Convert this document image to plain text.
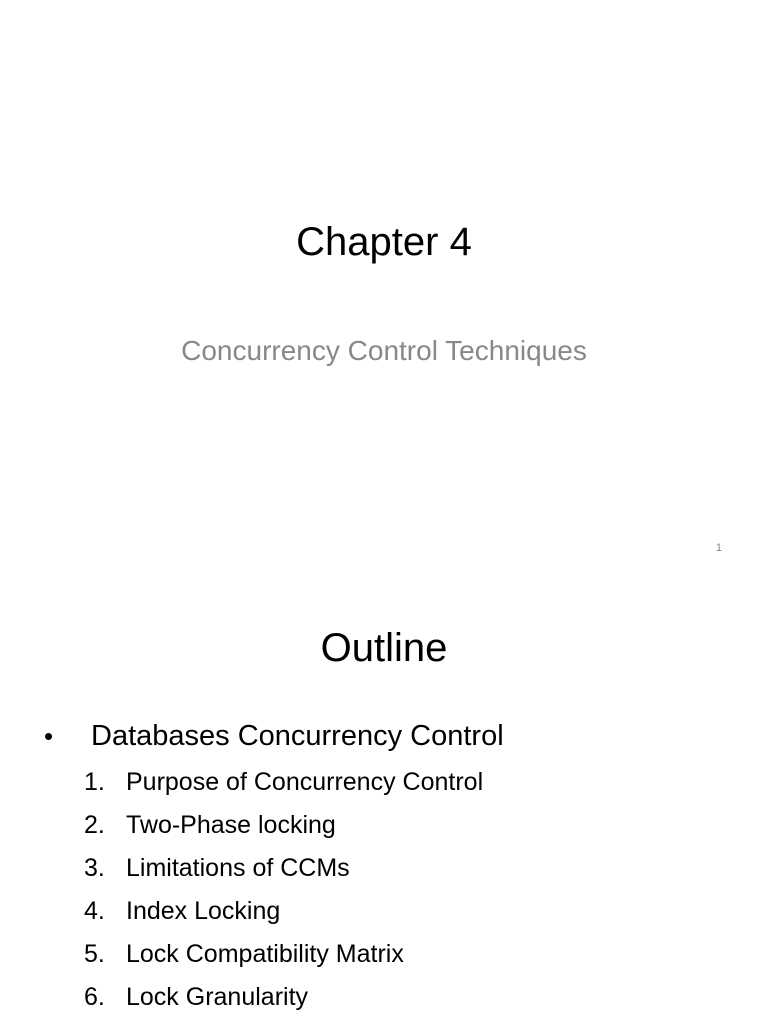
Chapter 4
Concurrency Control Techniques
1
Outline
• Databases Concurrency Control
1. Purpose of Concurrency Control
2. Two-Phase locking
3. Limitations of CCMs
4. Index Locking
5. Lock Compatibility Matrix
6. Lock Granularity
